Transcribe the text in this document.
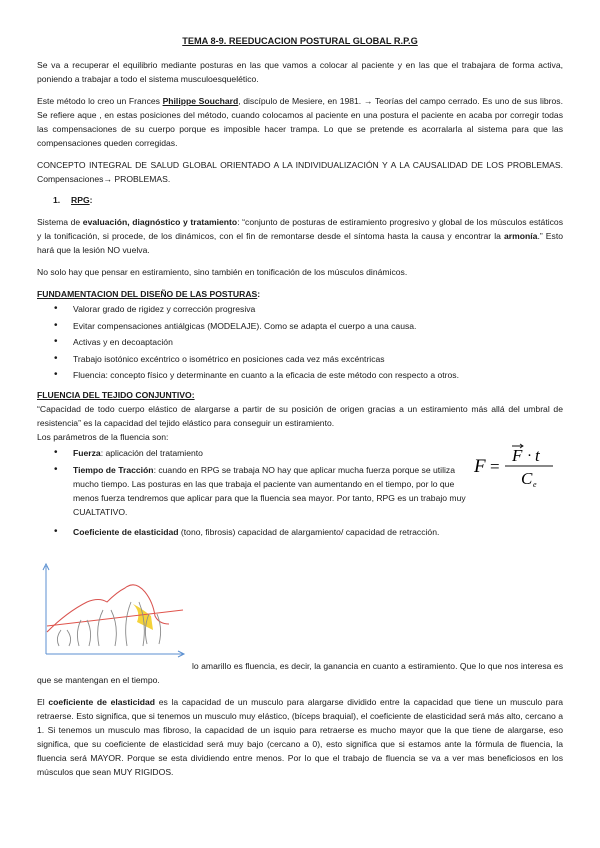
TEMA 8-9. REEDUCACION POSTURAL GLOBAL R.P.G

Se va a recuperar el equilibrio mediante posturas en las que vamos a colocar al paciente y en las que el trabajara de forma activa, poniendo a trabajar a todo el sistema musculoesquelético.

Este método lo creo un Frances Philippe Souchard, discípulo de Mesiere, en 1981. → Teorías del campo cerrado. Es uno de sus libros. Se refiere aque , en estas posiciones del método, cuando colocamos al paciente en una postura el paciente en acaba por corregir todas las compensaciones de su cuerpo porque es imposible hacer trampa. Lo que se pretende es acorralarla al sistema para que las compensaciones queden corregidas.

CONCEPTO INTEGRAL DE SALUD GLOBAL ORIENTADO A LA INDIVIDUALIZACIÓN Y A LA CAUSALIDAD DE LOS PROBLEMAS. Compensaciones→ PROBLEMAS.

1. RPG:

Sistema de evaluación, diagnóstico y tratamiento: “conjunto de posturas de estiramiento progresivo y global de los músculos estáticos y la tonificación, si procede, de los dinámicos, con el fin de remontarse desde el síntoma hasta la causa y encontrar la armonía.” Esto hará que la lesión NO vuelva.

No solo hay que pensar en estiramiento, sino también en tonificación de los músculos dinámicos.

FUNDAMENTACION DEL DISEÑO DE LAS POSTURAS:
• Valorar grado de rigidez y corrección progresiva
• Evitar compensaciones antiálgicas (MODELAJE). Como se adapta el cuerpo a una causa.
• Activas y en decoaptación
• Trabajo isotónico excéntrico o isométrico en posiciones cada vez más excéntricas
• Fluencia: concepto físico y determinante en cuanto a la eficacia de este método con respecto a otros.
FLUENCIA DEL TEJIDO CONJUNTIVO:
“Capacidad de todo cuerpo elástico de alargarse a partir de su posición de origen gracias a un estiramiento más allá del umbral de resistencia” es la capacidad del tejido elástico para conseguir un estiramiento.
Los parámetros de la fluencia son:
• Fuerza: aplicación del tratamiento
• Tiempo de Tracción: cuando en RPG se trabaja NO hay que aplicar mucha fuerza porque se utiliza mucho tiempo. Las posturas en las que trabaja el paciente van aumentando en el tiempo, por lo que menos fuerza tendremos que aplicar para que la fluencia sea mayor. Por tanto, RPG es un trabajo muy CUALTATIVO.
• Coeficiente de elasticidad (tono, fibrosis) capacidad de alargamiento/ capacidad de retracción.
F =
F · t
C e
lo amarillo es fluencia, es decir, la ganancia en cuanto a estiramiento. Que lo que nos interesa es que se mantengan en el tiempo.

El coeficiente de elasticidad es la capacidad de un musculo para alargarse dividido entre la capacidad que tiene un musculo para retraerse. Esto significa, que si tenemos un musculo muy elástico, (bíceps braquial), el coeficiente de elasticidad será más alto, cercano a 1. Si tenemos un musculo mas fibroso, la capacidad de un isquio para retraerse es mucho mayor que la que tiene de alargarse, eso significa, que su coeficiente de elasticidad será muy bajo (cercano a 0), esto significa que si estamos ante la fórmula de fluencia, la fluencia será MAYOR. Porque se esta dividiendo entre menos. Por lo que el trabajo de fluencia se va a ver mas beneficiosos en los músculos que sean MUY RIGIDOS.
